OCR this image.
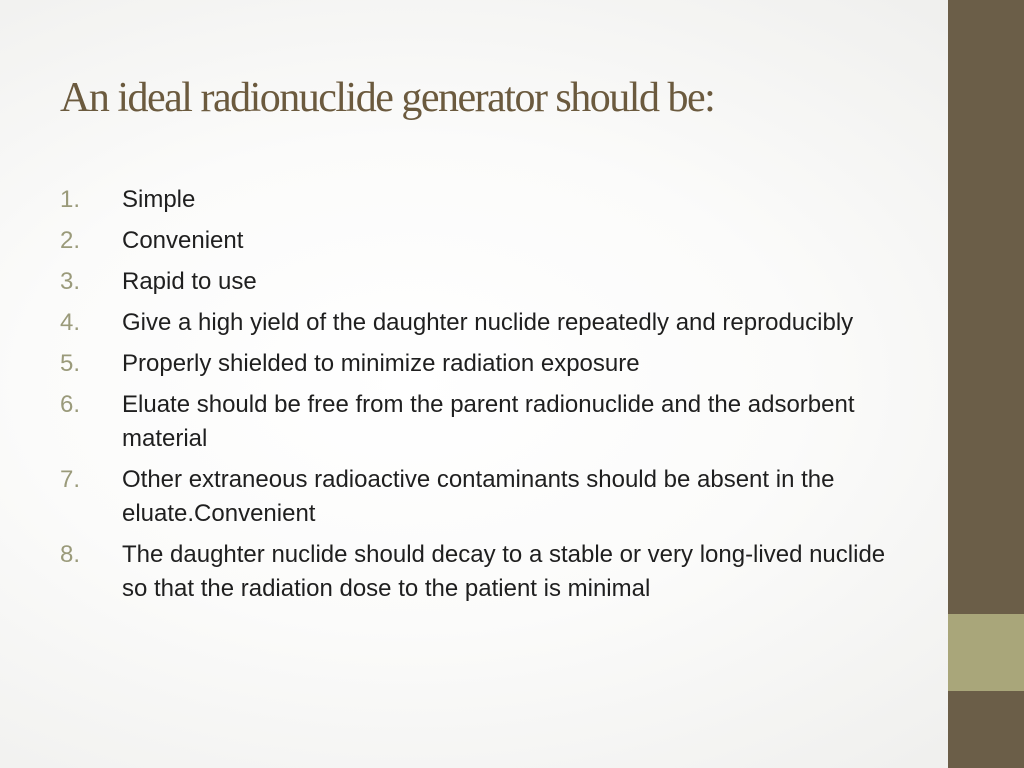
An ideal radionuclide generator should be:
1.	Simple
2.	Convenient
3.	Rapid to use
4.	Give a high yield of the daughter nuclide repeatedly and reproducibly
5.	Properly shielded to minimize radiation exposure
6.	Eluate should be free from the parent radionuclide and the adsorbent material
7.	Other extraneous radioactive contaminants should be absent in the eluate.Convenient
8.	The daughter nuclide should decay to a stable or very long-lived nuclide so that the radiation dose to the patient is minimal
